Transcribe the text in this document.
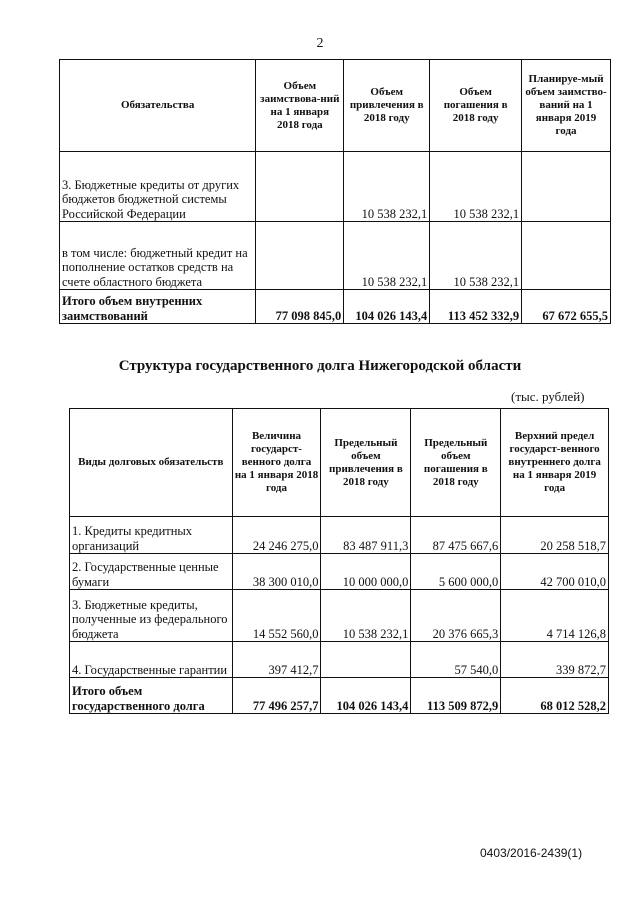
2
Обязательства	Объем заимствова-ний на 1 января 2018 года	Объем привлечения в 2018 году	Объем погашения в 2018 году	Планируе-мый объем заимство-ваний на 1 января 2019 года
3. Бюджетные кредиты от других бюджетов бюджетной системы Российской Федерации		10 538 232,1	10 538 232,1	
в том числе: бюджетный кредит на пополнение остатков средств на счете областного бюджета		10 538 232,1	10 538 232,1	
Итого объем внутренних заимствований	77 098 845,0	104 026 143,4	113 452 332,9	67 672 655,5
Структура государственного долга Нижегородской области
(тыс. рублей)
Виды долговых обязательств	Величина государст-венного долга на 1 января 2018 года	Предельный объем привлечения в 2018 году	Предельный объем погашения в 2018 году	Верхний предел государст-венного внутреннего долга на 1 января 2019 года
1. Кредиты кредитных организаций	24 246 275,0	83 487 911,3	87 475 667,6	20 258 518,7
2. Государственные ценные бумаги	38 300 010,0	10 000 000,0	5 600 000,0	42 700 010,0
3. Бюджетные кредиты, полученные из федерального бюджета	14 552 560,0	10 538 232,1	20 376 665,3	4 714 126,8
4. Государственные гарантии	397 412,7		57 540,0	339 872,7
Итого объем государственного долга	77 496 257,7	104 026 143,4	113 509 872,9	68 012 528,2
0403/2016-2439(1)
